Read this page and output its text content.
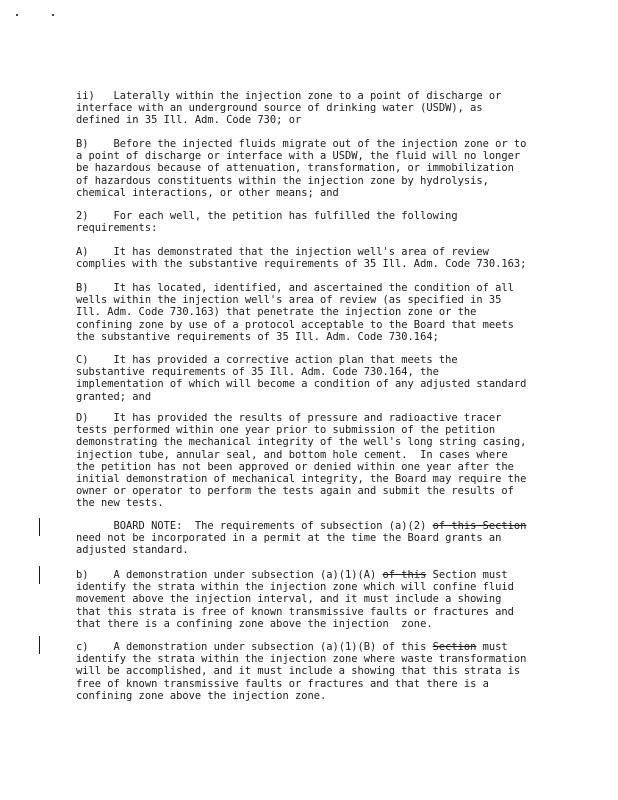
ii)   Laterally within the injection zone to a point of discharge or
interface with an underground source of drinking water (USDW), as
defined in 35 Ill. Adm. Code 730; or
B)    Before the injected fluids migrate out of the injection zone or to
a point of discharge or interface with a USDW, the fluid will no longer
be hazardous because of attenuation, transformation, or immobilization
of hazardous constituents within the injection zone by hydrolysis,
chemical interactions, or other means; and
2)    For each well, the petition has fulfilled the following
requirements:
A)    It has demonstrated that the injection well's area of review
complies with the substantive requirements of 35 Ill. Adm. Code 730.163;
B)    It has located, identified, and ascertained the condition of all
wells within the injection well's area of review (as specified in 35
Ill. Adm. Code 730.163) that penetrate the injection zone or the
confining zone by use of a protocol acceptable to the Board that meets
the substantive requirements of 35 Ill. Adm. Code 730.164;
C)    It has provided a corrective action plan that meets the
substantive requirements of 35 Ill. Adm. Code 730.164, the
implementation of which will become a condition of any adjusted standard
granted; and
D)    It has provided the results of pressure and radioactive tracer
tests performed within one year prior to submission of the petition
demonstrating the mechanical integrity of the well's long string casing,
injection tube, annular seal, and bottom hole cement.  In cases where
the petition has not been approved or denied within one year after the
initial demonstration of mechanical integrity, the Board may require the
owner or operator to perform the tests again and submit the results of
the new tests.
BOARD NOTE:  The requirements of subsection (a)(2) of this Section
need not be incorporated in a permit at the time the Board grants an
adjusted standard.
b)    A demonstration under subsection (a)(1)(A) of this Section must
identify the strata within the injection zone which will confine fluid
movement above the injection interval, and it must include a showing
that this strata is free of known transmissive faults or fractures and
that there is a confining zone above the injection  zone.
c)    A demonstration under subsection (a)(1)(B) of this Section must
identify the strata within the injection zone where waste transformation
will be accomplished, and it must include a showing that this strata is
free of known transmissive faults or fractures and that there is a
confining zone above the injection zone.
